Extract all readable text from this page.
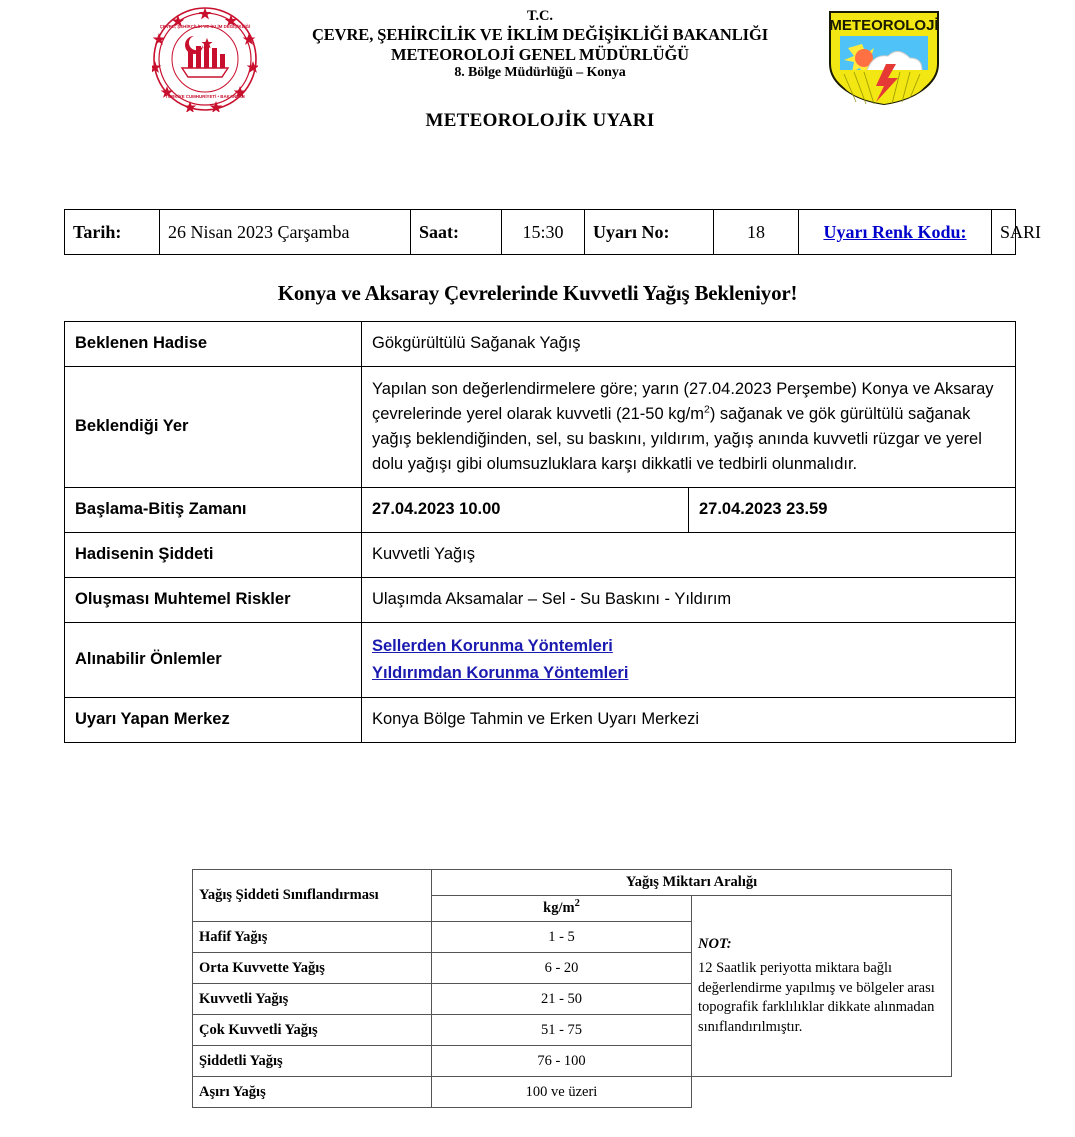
ÇEVRE, ŞEHİRCİLİK VE İKLİM DEĞİŞİKLİĞİ
TÜRKİYE CUMHURİYETİ • BAKANLIĞI
T.C.
ÇEVRE, ŞEHİRCİLİK VE İKLİM DEĞİŞİKLİĞİ BAKANLIĞI
METEOROLOJİ GENEL MÜDÜRLÜĞÜ
8. Bölge Müdürlüğü – Konya
METEOROLOJİK UYARI
METEOROLOJİ
Tarih:	26 Nisan 2023 Çarşamba	Saat:	15:30	Uyarı No:	18	Uyarı Renk Kodu:	SARI
Konya ve Aksaray Çevrelerinde Kuvvetli Yağış Bekleniyor!
Beklenen Hadise	Gökgürültülü Sağanak Yağış	
Beklendiği Yer	Yapılan son değerlendirmelere göre; yarın (27.04.2023 Perşembe) Konya ve Aksaray çevrelerinde yerel olarak kuvvetli (21-50 $kg/m^2$) sağanak ve gök gürültülü sağanak yağış beklendiğinden, sel, su baskını, yıldırım, yağış anında kuvvetli rüzgar ve yerel dolu yağışı gibi olumsuzluklara karşı dikkatli ve tedbirli olunmalıdır.	

Başlama-Bitiş Zamanı	27.04.2023 10.00	27.04.2023 23.59
Hadisenin Şiddeti	Kuvvetli Yağış	
Oluşması Muhtemel Riskler	Ulaşımda Aksamalar – Sel - Su Baskını - Yıldırım	
Alınabilir Önlemler	Sellerden Korunma Yöntemleri
Yıldırımdan Korunma Yöntemleri	

Uyarı Yapan Merkez	Konya Bölge Tahmin ve Erken Uyarı Merkezi	
Yağış Şiddeti Sınıflandırması	Yağış Miktarı Aralığı	
	$kg/m^2$	NOT:
12 Saatlik periyotta miktara bağlı değerlendirme yapılmış ve bölgeler arası topografik farklılıklar dikkate alınmadan sınıflandırılmıştır.

Hafif Yağış	1 - 5	
Orta Kuvvette Yağış	6 - 20	
Kuvvetli Yağış	21 - 50	
Çok Kuvvetli Yağış	51 - 75	
Şiddetli Yağış	76 - 100	
Aşırı Yağış	100 ve üzeri	
